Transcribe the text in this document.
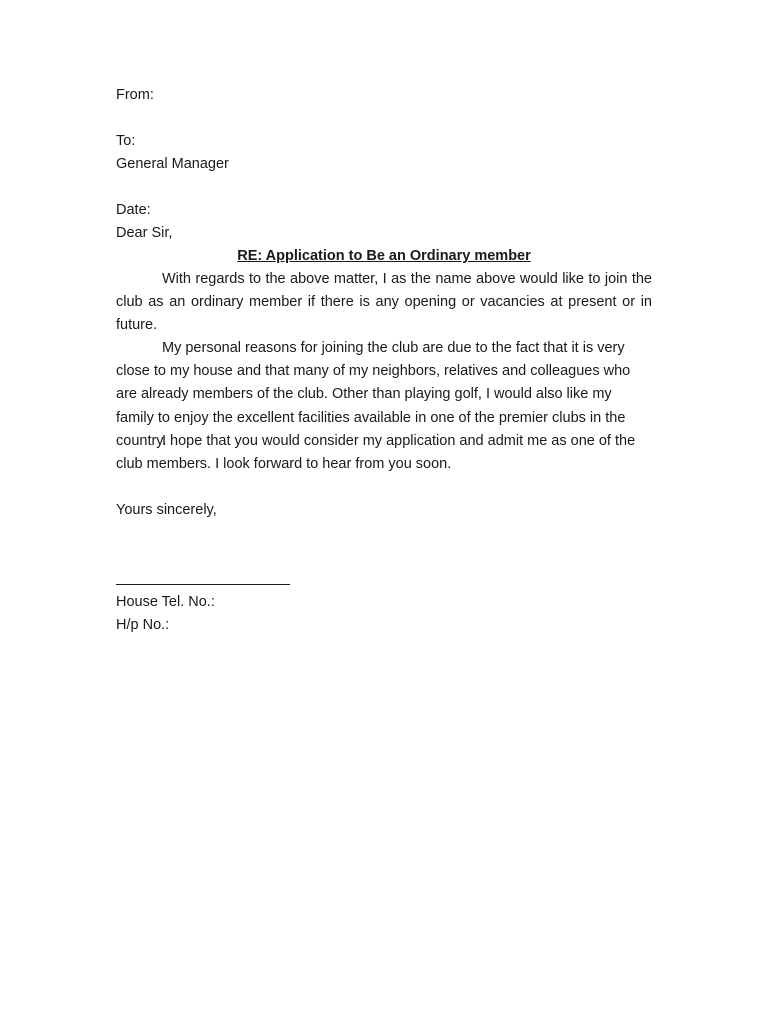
From:
To:
General Manager
Date:
Dear Sir,
RE: Application to Be an Ordinary member
With regards to the above matter, I as the name above would like to join the club as an ordinary member if there is any opening or vacancies at present or in future.
My personal reasons for joining the club are due to the fact that it is very close to my house and that many of my neighbors, relatives and colleagues who are already members of the club. Other than playing golf, I would also like my family to enjoy the excellent facilities available in one of the premier clubs in the country.
I hope that you would consider my application and admit me as one of the club members. I look forward to hear from you soon.
Yours sincerely,
House Tel. No.:
H/p No.:
